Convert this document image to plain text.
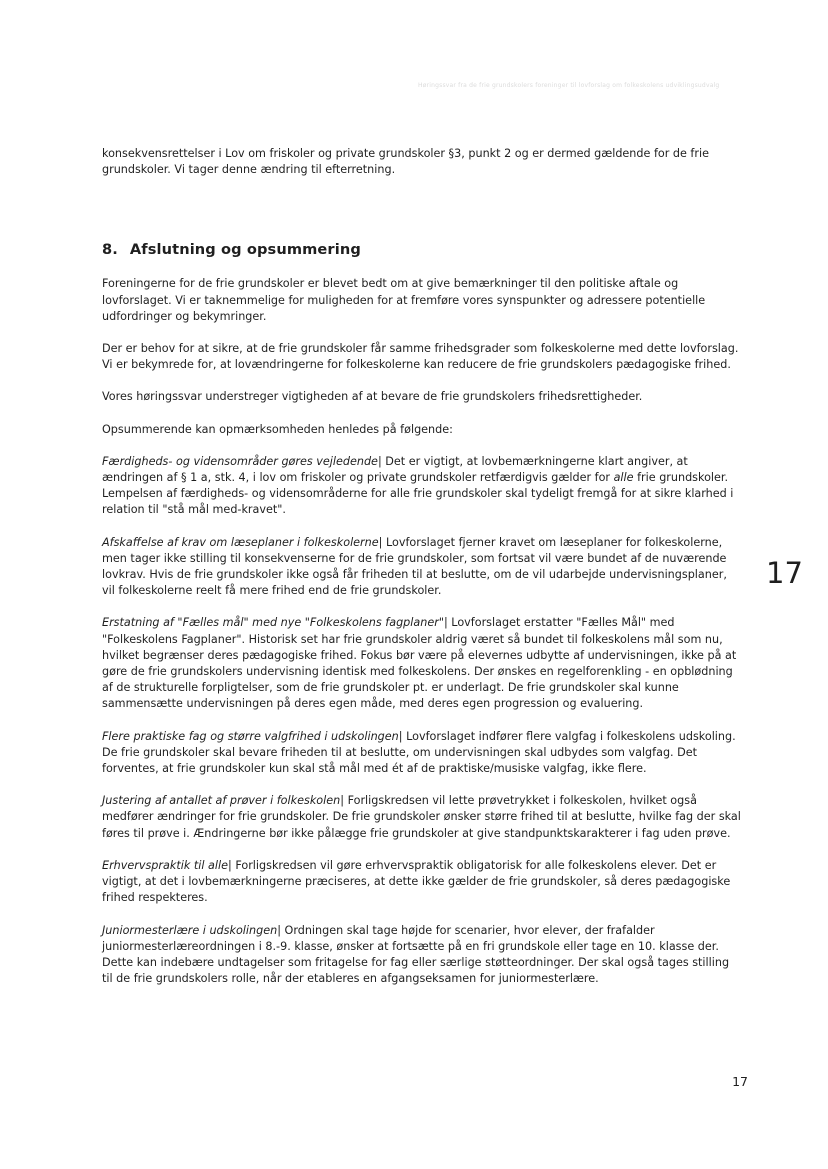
Høringssvar fra de frie grundskolers foreninger til lovforslag om folkeskolens udviklingsudvalg

konsekvensrettelser i Lov om friskoler og private grundskoler §3, punkt 2 og er dermed gældende for de frie grundskoler. Vi tager denne ændring til efterretning.

8. Afslutning og opsummering

Foreningerne for de frie grundskoler er blevet bedt om at give bemærkninger til den politiske aftale og lovforslaget. Vi er taknemmelige for muligheden for at fremføre vores synspunkter og adressere potentielle udfordringer og bekymringer.

Der er behov for at sikre, at de frie grundskoler får samme frihedsgrader som folkeskolerne med dette lovforslag. Vi er bekymrede for, at lovændringerne for folkeskolerne kan reducere de frie grundskolers pædagogiske frihed.

Vores høringssvar understreger vigtigheden af at bevare de frie grundskolers frihedsrettigheder.

Opsummerende kan opmærksomheden henledes på følgende:

Færdigheds- og vidensområder gøres vejledende| Det er vigtigt, at lovbemærkningerne klart angiver, at ændringen af § 1 a, stk. 4, i lov om friskoler og private grundskoler retfærdigvis gælder for alle frie grundskoler. Lempelsen af færdigheds- og vidensområderne for alle frie grundskoler skal tydeligt fremgå for at sikre klarhed i relation til "stå mål med-kravet".

Afskaffelse af krav om læseplaner i folkeskolerne| Lovforslaget fjerner kravet om læseplaner for folkeskolerne, men tager ikke stilling til konsekvenserne for de frie grundskoler, som fortsat vil være bundet af de nuværende lovkrav. Hvis de frie grundskoler ikke også får friheden til at beslutte, om de vil udarbejde undervisningsplaner, vil folkeskolerne reelt få mere frihed end de frie grundskoler.

Erstatning af "Fælles mål" med nye "Folkeskolens fagplaner"| Lovforslaget erstatter "Fælles Mål" med "Folkeskolens Fagplaner". Historisk set har frie grundskoler aldrig været så bundet til folkeskolens mål som nu, hvilket begrænser deres pædagogiske frihed. Fokus bør være på elevernes udbytte af undervisningen, ikke på at gøre de frie grundskolers undervisning identisk med folkeskolens. Der ønskes en regelforenkling - en opblødning af de strukturelle forpligtelser, som de frie grundskoler pt. er underlagt. De frie grundskoler skal kunne sammensætte undervisningen på deres egen måde, med deres egen progression og evaluering.

Flere praktiske fag og større valgfrihed i udskolingen| Lovforslaget indfører flere valgfag i folkeskolens udskoling. De frie grundskoler skal bevare friheden til at beslutte, om undervisningen skal udbydes som valgfag. Det forventes, at frie grundskoler kun skal stå mål med ét af de praktiske/musiske valgfag, ikke flere.

Justering af antallet af prøver i folkeskolen| Forligskredsen vil lette prøvetrykket i folkeskolen, hvilket også medfører ændringer for frie grundskoler. De frie grundskoler ønsker større frihed til at beslutte, hvilke fag der skal føres til prøve i. Ændringerne bør ikke pålægge frie grundskoler at give standpunktskarakterer i fag uden prøve.

Erhvervspraktik til alle| Forligskredsen vil gøre erhvervspraktik obligatorisk for alle folkeskolens elever. Det er vigtigt, at det i lovbemærkningerne præciseres, at dette ikke gælder de frie grundskoler, så deres pædagogiske frihed respekteres.

Juniormesterlære i udskolingen| Ordningen skal tage højde for scenarier, hvor elever, der frafalder juniormesterlæreordningen i 8.-9. klasse, ønsker at fortsætte på en fri grundskole eller tage en 10. klasse der. Dette kan indebære undtagelser som fritagelse for fag eller særlige støtteordninger. Der skal også tages stilling til de frie grundskolers rolle, når der etableres en afgangseksamen for juniormesterlære.

17
17
